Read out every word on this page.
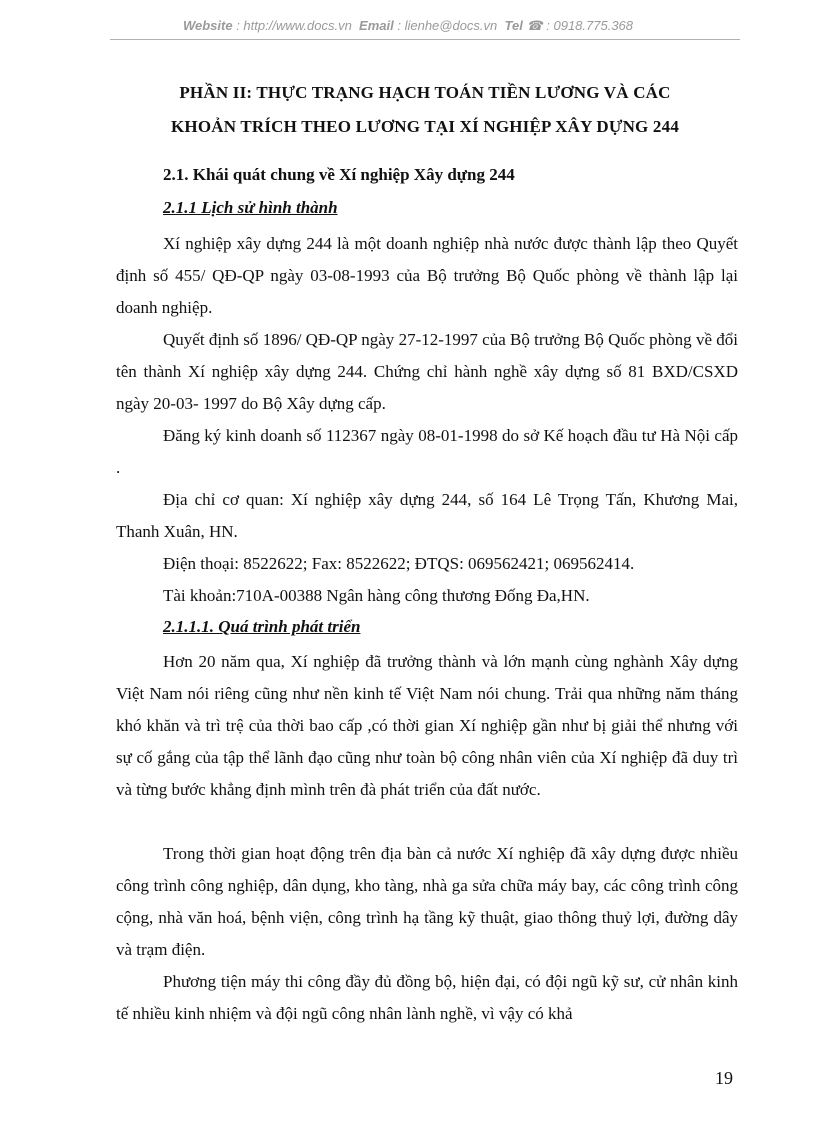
Website : http://www.docs.vn Email : lienhe@docs.vn Tel ☎ : 0918.775.368
PHẦN II: THỰC TRẠNG HẠCH TOÁN TIỀN LƯƠNG VÀ CÁC
KHOẢN TRÍCH THEO LƯƠNG TẠI XÍ NGHIỆP XÂY DỰNG 244
2.1. Khái quát chung về Xí nghiệp Xây dựng 244
2.1.1 Lịch sử hình thành
Xí nghiệp xây dựng 244 là một doanh nghiệp nhà nước được thành lập theo Quyết định số 455/ QĐ-QP ngày 03-08-1993 của Bộ trưởng Bộ Quốc phòng về thành lập lại doanh nghiệp.
Quyết định số 1896/ QĐ-QP ngày 27-12-1997 của Bộ trưởng Bộ Quốc phòng về đổi tên thành Xí nghiệp xây dựng 244. Chứng chỉ hành nghề xây dựng số 81 BXD/CSXD ngày 20-03- 1997 do Bộ Xây dựng cấp.
Đăng ký kinh doanh số 112367 ngày 08-01-1998 do sở Kế hoạch đầu tư Hà Nội cấp .
Địa chỉ cơ quan: Xí nghiệp xây dựng 244, số 164 Lê Trọng Tấn, Khương Mai, Thanh Xuân, HN.
Điện thoại: 8522622; Fax: 8522622; ĐTQS: 069562421; 069562414.
Tài khoản:710A-00388 Ngân hàng công thương Đống Đa,HN.
2.1.1.1. Quá trình phát triển
Hơn 20 năm qua, Xí nghiệp đã trưởng thành và lớn mạnh cùng nghành Xây dựng Việt Nam nói riêng cũng như nền kinh tế Việt Nam nói chung. Trải qua những năm tháng khó khăn và trì trệ của thời bao cấp ,có thời gian Xí nghiệp gần như bị giải thể nhưng với sự cố gắng của tập thể lãnh đạo cũng như toàn bộ công nhân viên của Xí nghiệp đã duy trì và từng bước khẳng định mình trên đà phát triển của đất nước.
Trong thời gian hoạt động trên địa bàn cả nước Xí nghiệp đã xây dựng được nhiều công trình công nghiệp, dân dụng, kho tàng, nhà ga sửa chữa máy bay, các công trình công cộng, nhà văn hoá, bệnh viện, công trình hạ tầng kỹ thuật, giao thông thuỷ lợi, đường dây và trạm điện.
Phương tiện máy thi công đầy đủ đồng bộ, hiện đại, có đội ngũ kỹ sư, cử nhân kinh tế nhiều kinh nhiệm và đội ngũ công nhân lành nghề, vì vậy có khả
19
